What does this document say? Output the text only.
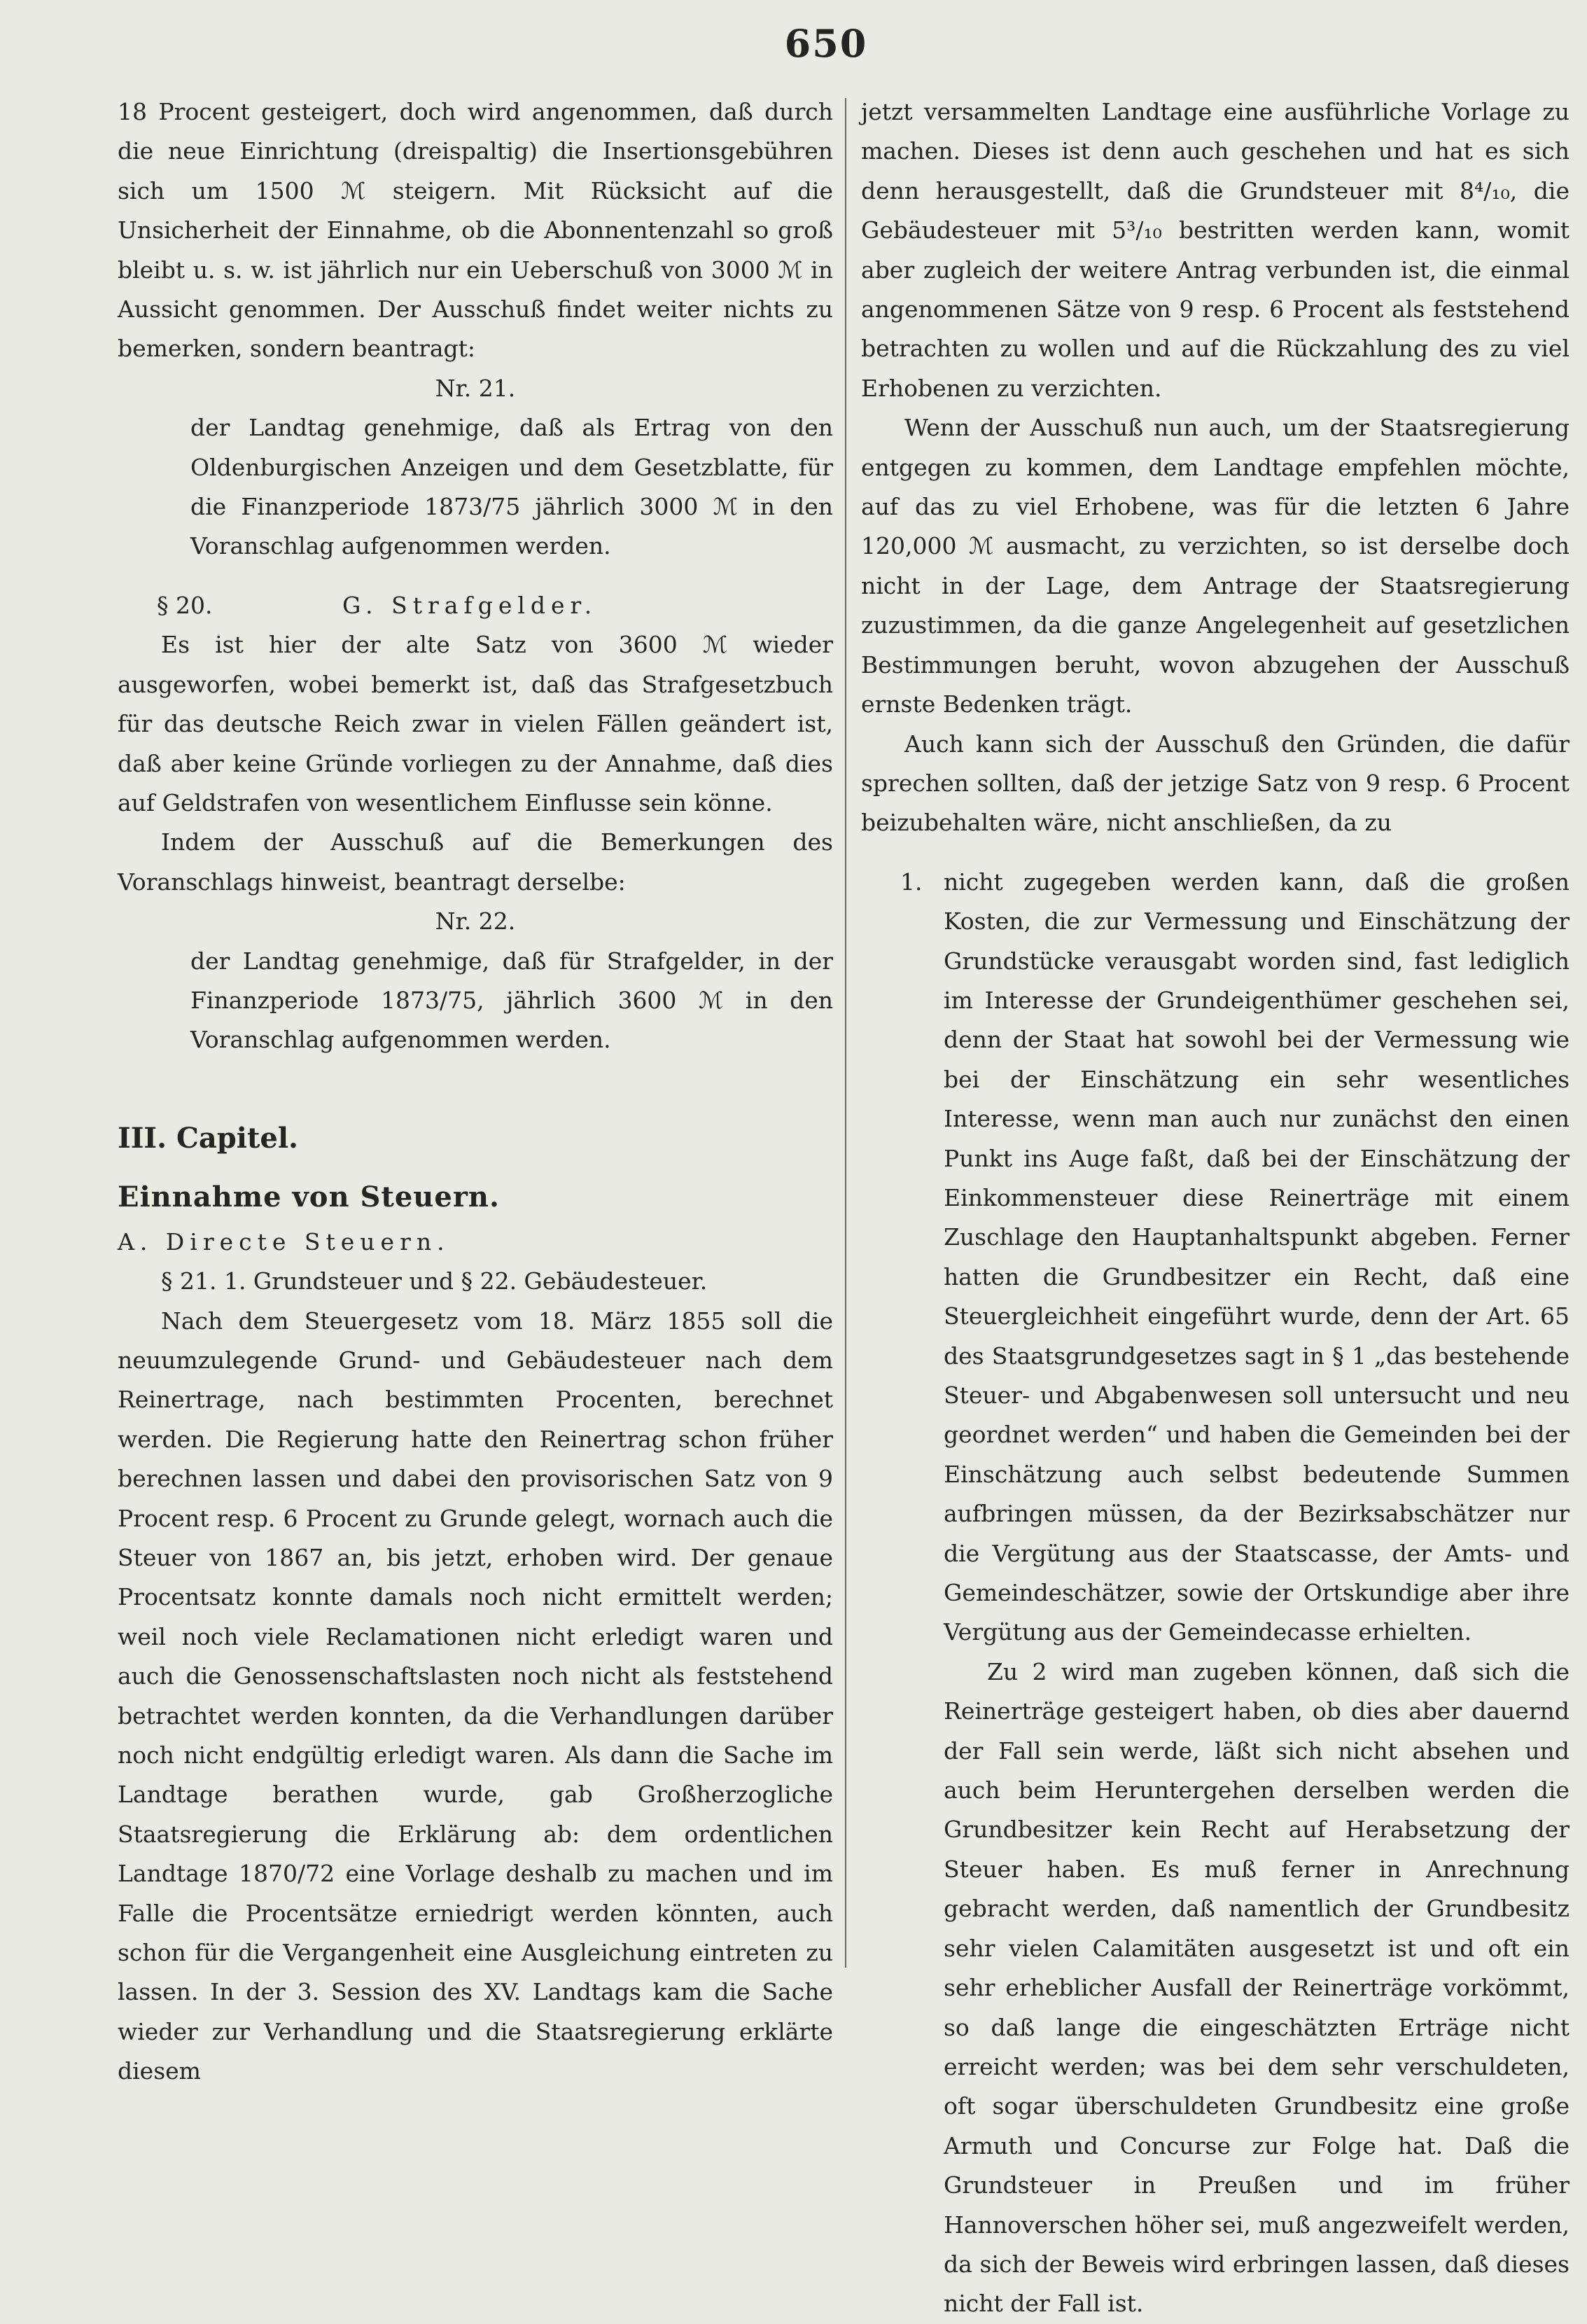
650

18 Procent gesteigert, doch wird angenommen, daß durch die neue Einrichtung (dreispaltig) die Insertionsgebühren sich um 1500 ℳ steigern. Mit Rücksicht auf die Unsicherheit der Einnahme, ob die Abonnentenzahl so groß bleibt u. s. w. ist jährlich nur ein Ueberschuß von 3000 ℳ in Aussicht genommen. Der Ausschuß findet weiter nichts zu bemerken, sondern beantragt:

Nr. 21.

der Landtag genehmige, daß als Ertrag von den Oldenburgischen Anzeigen und dem Gesetzblatte, für die Finanzperiode 1873/75 jährlich 3000 ℳ in den Voranschlag aufgenommen werden.

§ 20.	G. Strafgelder.

Es ist hier der alte Satz von 3600 ℳ wieder ausgeworfen, wobei bemerkt ist, daß das Strafgesetzbuch für das deutsche Reich zwar in vielen Fällen geändert ist, daß aber keine Gründe vorliegen zu der Annahme, daß dies auf Geldstrafen von wesentlichem Einflusse sein könne.

Indem der Ausschuß auf die Bemerkungen des Voranschlags hinweist, beantragt derselbe:

Nr. 22.

der Landtag genehmige, daß für Strafgelder, in der Finanzperiode 1873/75, jährlich 3600 ℳ in den Voranschlag aufgenommen werden.

III. Capitel.

Einnahme von Steuern.

A. Directe Steuern.

§ 21. 1. Grundsteuer und § 22. Gebäudesteuer.

Nach dem Steuergesetz vom 18. März 1855 soll die neuumzulegende Grund- und Gebäudesteuer nach dem Reinertrage, nach bestimmten Procenten, berechnet werden. Die Regierung hatte den Reinertrag schon früher berechnen lassen und dabei den provisorischen Satz von 9 Procent resp. 6 Procent zu Grunde gelegt, wornach auch die Steuer von 1867 an, bis jetzt, erhoben wird. Der genaue Procentsatz konnte damals noch nicht ermittelt werden; weil noch viele Reclamationen nicht erledigt waren und auch die Genossenschaftslasten noch nicht als feststehend betrachtet werden konnten, da die Verhandlungen darüber noch nicht endgültig erledigt waren. Als dann die Sache im Landtage berathen wurde, gab Großherzogliche Staatsregierung die Erklärung ab: dem ordentlichen Landtage 1870/72 eine Vorlage deshalb zu machen und im Falle die Procentsätze erniedrigt werden könnten, auch schon für die Vergangenheit eine Ausgleichung eintreten zu lassen. In der 3. Session des XV. Landtags kam die Sache wieder zur Verhandlung und die Staatsregierung erklärte diesem

jetzt versammelten Landtage eine ausführliche Vorlage zu machen. Dieses ist denn auch geschehen und hat es sich denn herausgestellt, daß die Grundsteuer mit 8⁴/₁₀, die Gebäudesteuer mit 5³/₁₀ bestritten werden kann, womit aber zugleich der weitere Antrag verbunden ist, die einmal angenommenen Sätze von 9 resp. 6 Procent als feststehend betrachten zu wollen und auf die Rückzahlung des zu viel Erhobenen zu verzichten.

Wenn der Ausschuß nun auch, um der Staatsregierung entgegen zu kommen, dem Landtage empfehlen möchte, auf das zu viel Erhobene, was für die letzten 6 Jahre 120,000 ℳ ausmacht, zu verzichten, so ist derselbe doch nicht in der Lage, dem Antrage der Staatsregierung zuzustimmen, da die ganze Angelegenheit auf gesetzlichen Bestimmungen beruht, wovon abzugehen der Ausschuß ernste Bedenken trägt.

Auch kann sich der Ausschuß den Gründen, die dafür sprechen sollten, daß der jetzige Satz von 9 resp. 6 Procent beizubehalten wäre, nicht anschließen, da zu

1. nicht zugegeben werden kann, daß die großen Kosten, die zur Vermessung und Einschätzung der Grundstücke verausgabt worden sind, fast lediglich im Interesse der Grundeigenthümer geschehen sei, denn der Staat hat sowohl bei der Vermessung wie bei der Einschätzung ein sehr wesentliches Interesse, wenn man auch nur zunächst den einen Punkt ins Auge faßt, daß bei der Einschätzung der Einkommensteuer diese Reinerträge mit einem Zuschlage den Hauptanhaltspunkt abgeben. Ferner hatten die Grundbesitzer ein Recht, daß eine Steuergleichheit eingeführt wurde, denn der Art. 65 des Staatsgrundgesetzes sagt in § 1 „das bestehende Steuer- und Abgabenwesen soll untersucht und neu geordnet werden“ und haben die Gemeinden bei der Einschätzung auch selbst bedeutende Summen aufbringen müssen, da der Bezirksabschätzer nur die Vergütung aus der Staatscasse, der Amts- und Gemeindeschätzer, sowie der Ortskundige aber ihre Vergütung aus der Gemeindecasse erhielten.

Zu 2 wird man zugeben können, daß sich die Reinerträge gesteigert haben, ob dies aber dauernd der Fall sein werde, läßt sich nicht absehen und auch beim Heruntergehen derselben werden die Grundbesitzer kein Recht auf Herabsetzung der Steuer haben. Es muß ferner in Anrechnung gebracht werden, daß namentlich der Grundbesitz sehr vielen Calamitäten ausgesetzt ist und oft ein sehr erheblicher Ausfall der Reinerträge vorkömmt, so daß lange die eingeschätzten Erträge nicht erreicht werden; was bei dem sehr verschuldeten, oft sogar überschuldeten Grundbesitz eine große Armuth und Concurse zur Folge hat. Daß die Grundsteuer in Preußen und im früher Hannoverschen höher sei, muß angezweifelt werden, da sich der Beweis wird erbringen lassen, daß dieses nicht der Fall ist.
